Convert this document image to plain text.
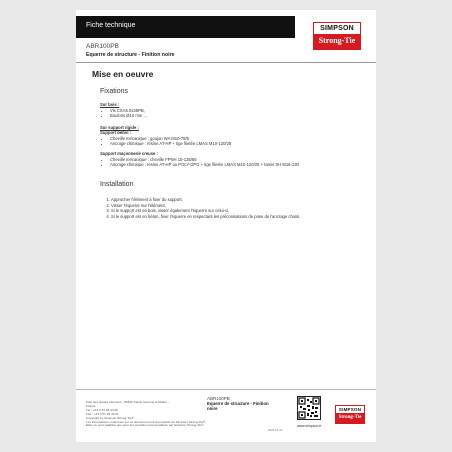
Fiche technique	SIMPSON
Strong-Tie
ABR100PB
Equerre de structure - Finition noire
Mise en oeuvre
Fixations
Sur bois :
• Vis CSA5.0x35PB,
• Boulons Ø10 mm ...
Sur support rigide :
Support béton :
• Cheville mécanique : goujon WA M10-78/5
• Ancrage chimique : résine AT-HP + tige filetée LMAS M10-120/25
Support maçonnerie creuse :
• Cheville mécanique : cheville FPNH 10-135/65
• Ancrage chimique : résine AT-HP ou POLY-GPG + tige filetée LMAS M10-120/25 + tamis SH M16-130
Installation
1. Approcher l'élément à fixer du support,
2. Visser l'équerre sur l'élément,
3. Si le support est en bois, visser également l'équerre sur celui-ci,
4. Si le support est en béton, fixer l'équerre en respectant les préconisations de pose de l'ancrage choisi.
ZAC des Quatre Chemins - 85400 Sainte Gemme la Plaine -
France
Tél : +33 2 51 28 44 00
Fax : +33 2 51 28 44 01
Copyright by Simpson Strong-Tie®
Les informations contenues sur ce document sont la propriété de Simpson Strong-Tie®
Elles ne sont valables que pour les produits commercialisés par Simpson Strong-Tie®
ABR100PB
Equerre de structure - Finition noire
2024-01-20
SIMPSON
Strong-Tie
www.simpson.fr
